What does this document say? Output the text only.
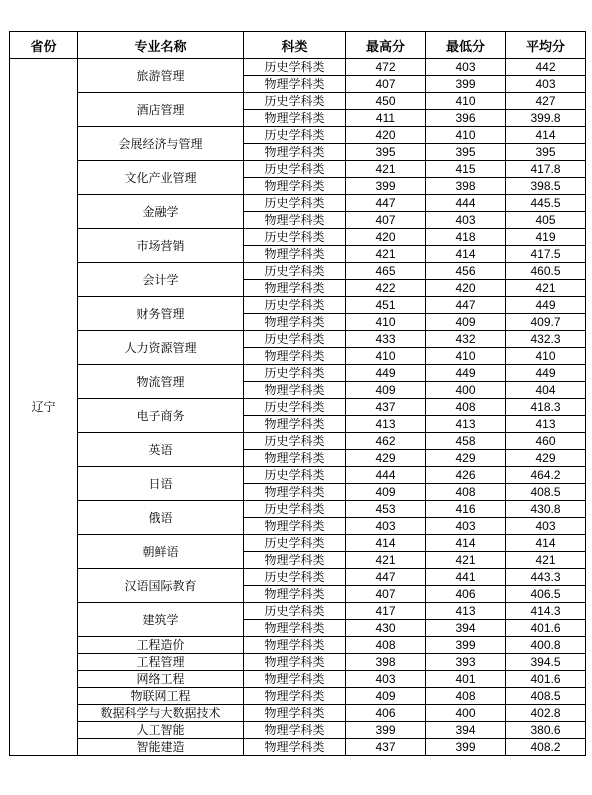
省份	专业名称	科类	最高分	最低分	平均分
辽宁	旅游管理	历史学科类	472	403	442
		物理学科类	407	399	403
	酒店管理	历史学科类	450	410	427
		物理学科类	411	396	399.8
	会展经济与管理	历史学科类	420	410	414
		物理学科类	395	395	395
	文化产业管理	历史学科类	421	415	417.8
		物理学科类	399	398	398.5
	金融学	历史学科类	447	444	445.5
		物理学科类	407	403	405
	市场营销	历史学科类	420	418	419
		物理学科类	421	414	417.5
	会计学	历史学科类	465	456	460.5
		物理学科类	422	420	421
	财务管理	历史学科类	451	447	449
		物理学科类	410	409	409.7
	人力资源管理	历史学科类	433	432	432.3
		物理学科类	410	410	410
	物流管理	历史学科类	449	449	449
		物理学科类	409	400	404
	电子商务	历史学科类	437	408	418.3
		物理学科类	413	413	413
	英语	历史学科类	462	458	460
		物理学科类	429	429	429
	日语	历史学科类	444	426	464.2
		物理学科类	409	408	408.5
	俄语	历史学科类	453	416	430.8
		物理学科类	403	403	403
	朝鲜语	历史学科类	414	414	414
		物理学科类	421	421	421
	汉语国际教育	历史学科类	447	441	443.3
		物理学科类	407	406	406.5
	建筑学	历史学科类	417	413	414.3
		物理学科类	430	394	401.6
	工程造价	物理学科类	408	399	400.8
	工程管理	物理学科类	398	393	394.5
	网络工程	物理学科类	403	401	401.6
	物联网工程	物理学科类	409	408	408.5
	数据科学与大数据技术	物理学科类	406	400	402.8
	人工智能	物理学科类	399	394	380.6
	智能建造	物理学科类	437	399	408.2
